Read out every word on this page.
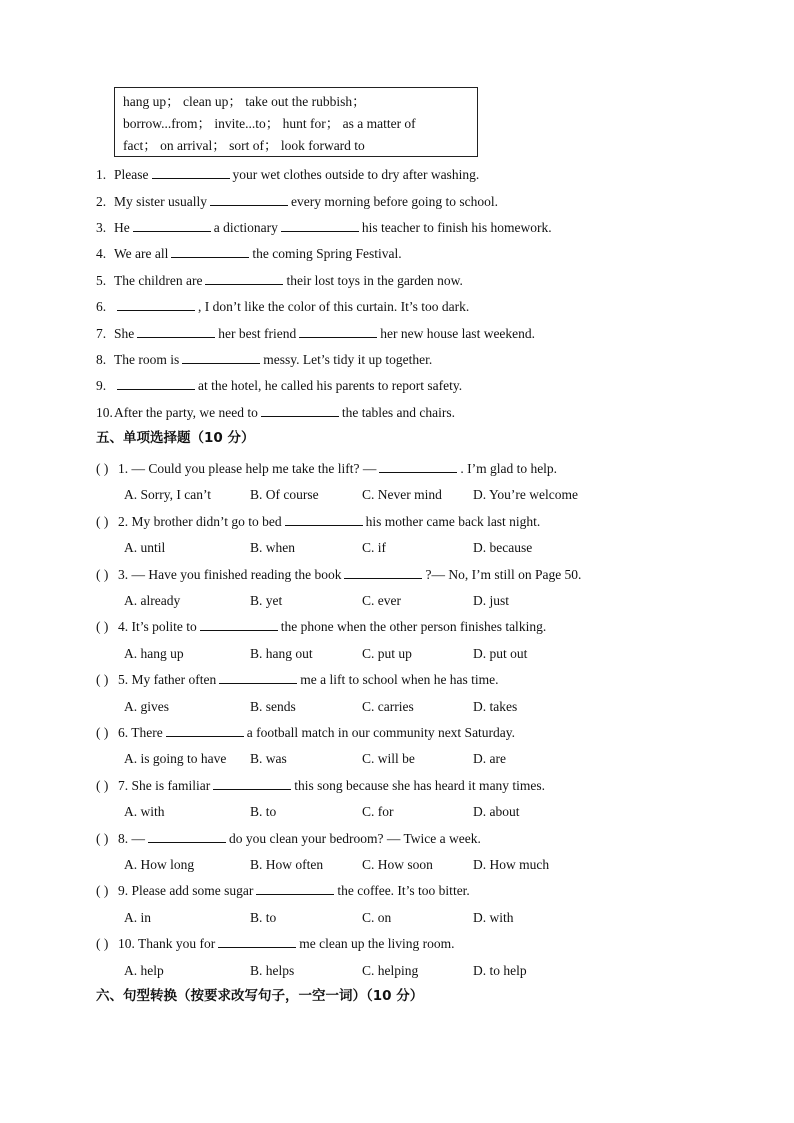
hang up； clean up； take out the rubbish；
borrow...from； invite...to； hunt for； as a matter of
fact； on arrival； sort of； look forward to
1. Please	your wet clothes outside to dry after washing.
2. My sister usually	every morning before going to school.
3. He	a dictionary	his teacher to finish his homework.
4. We are all	the coming Spring Festival.
5. The children are	their lost toys in the garden now.
6.	, I don’t like the color of this curtain. It’s too dark.
7. She	her best friend	her new house last weekend.
8. The room is	messy. Let’s tidy it up together.
9.	at the hotel, he called his parents to report safety.
10.After the party, we need to	the tables and chairs.
五、单项选择题（10 分）
( ) 1. — Could you please help me take the lift? —	. I’m glad to help.
A. Sorry, I can’t	B. Of course	C. Never mind D. You’re welcome
( ) 2. My brother didn’t go to bed	his mother came back last night.
A. until	B. when	C. if	D. because
( ) 3. — Have you finished reading the book	?— No, I’m still on Page 50.
A. already	B. yet	C. ever	D. just
( ) 4. It’s polite to	the phone when the other person finishes talking.
A. hang up	B. hang out	C. put up	D. put out
( ) 5. My father often	me a lift to school when he has time.
A. gives	B. sends	C. carries	D. takes
( ) 6. There	a football match in our community next Saturday.
A. is going to have B. was	C. will be	D. are
( ) 7. She is familiar	this song because she has heard it many times.
A. with	B. to	C. for	D. about
( ) 8. —	do you clean your bedroom? — Twice a week.
A. How long	B. How often	C. How soon	D. How much
( ) 9. Please add some sugar	the coffee. It’s too bitter.
A. in	B. to	C. on	D. with
( ) 10. Thank you for	me clean up the living room.
A. help	B. helps	C. helping	D. to help
六、句型转换（按要求改写句子，一空一词）（10 分）
